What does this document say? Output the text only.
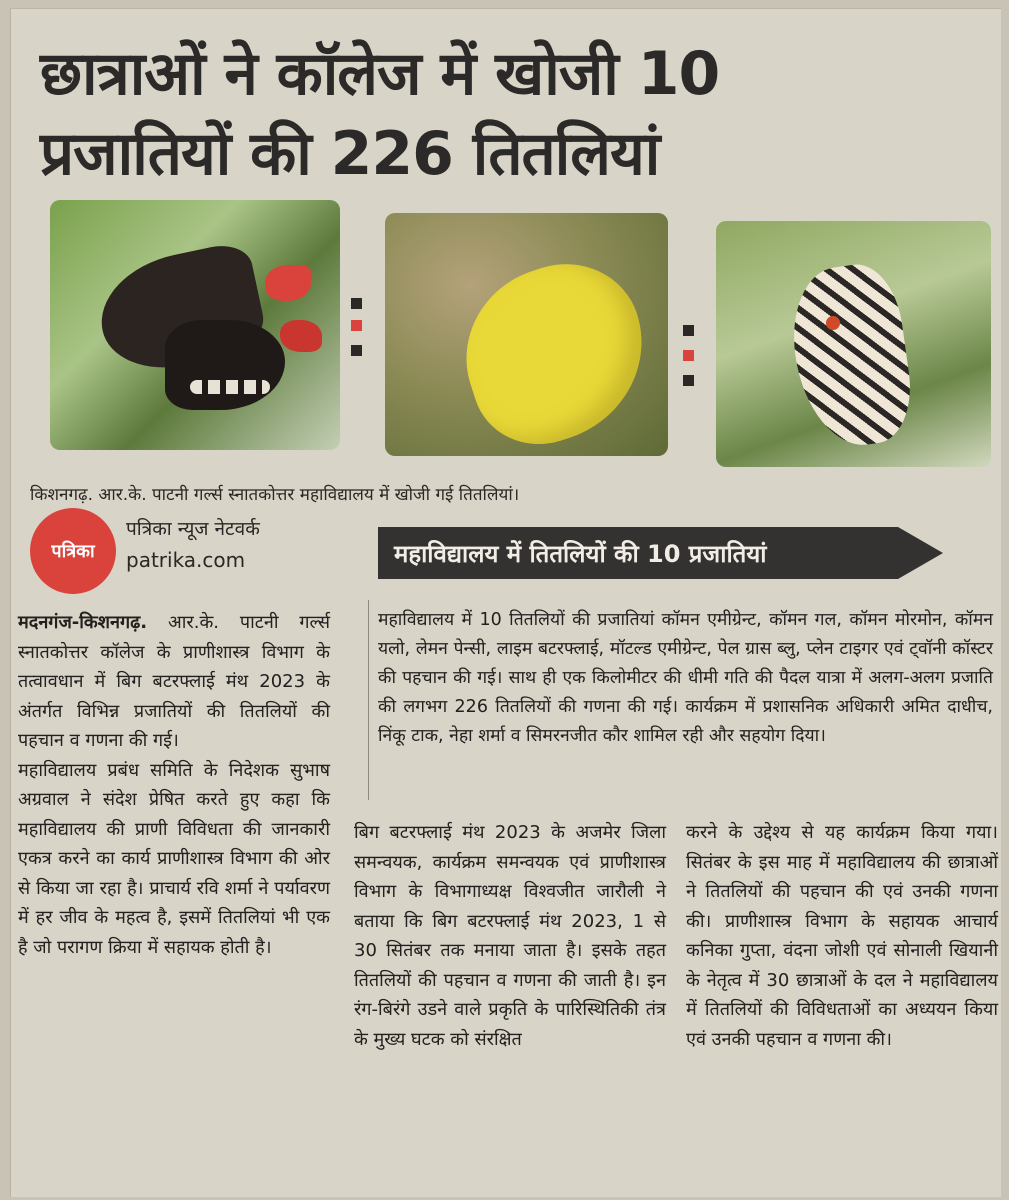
छात्राओं ने कॉलेज में खोजी 10
प्रजातियों की 226 तितलियां
किशनगढ़. आर.के. पाटनी गर्ल्स स्नातकोत्तर महाविद्यालय में खोजी गई तितलियां।
पत्रिका
पत्रिका न्यूज नेटवर्क
patrika.com	महाविद्यालय में तितलियों की 10 प्रजातियां

महाविद्यालय में 10 तितलियों की प्रजातियां कॉमन एमीग्रेन्ट, कॉमन गल, कॉमन मोरमोन, कॉमन यलो, लेमन पेन्सी, लाइम बटरफ्लाई, मॉटल्ड एमीग्रेन्ट, पेल ग्रास ब्लु, प्लेन टाइगर एवं ट्वॉनी कॉस्टर की पहचान की गई। साथ ही एक किलोमीटर की धीमी गति की पैदल यात्रा में अलग-अलग प्रजाति की लगभग 226 तितलियों की गणना की गई। कार्यक्रम में प्रशासनिक अधिकारी अमित दाधीच, निंकू टाक, नेहा शर्मा व सिमरनजीत कौर शामिल रही और सहयोग दिया।

मदनगंज-किशनगढ़. आर.के. पाटनी गर्ल्स स्नातकोत्तर कॉलेज के प्राणीशास्त्र विभाग के तत्वावधान में बिग बटरफ्लाई मंथ 2023 के अंतर्गत विभिन्न प्रजातियों की तितलियों की पहचान व गणना की गई।

महाविद्यालय प्रबंध समिति के निदेशक सुभाष अग्रवाल ने संदेश प्रेषित करते हुए कहा कि महाविद्यालय की प्राणी विविधता की जानकारी एकत्र करने का कार्य प्राणीशास्त्र विभाग की ओर से किया जा रहा है। प्राचार्य रवि शर्मा ने पर्यावरण में हर जीव के महत्व है, इसमें तितलियां भी एक है जो परागण क्रिया में सहायक होती है।

बिग बटरफ्लाई मंथ 2023 के अजमेर जिला समन्वयक, कार्यक्रम समन्वयक एवं प्राणीशास्त्र विभाग के विभागाध्यक्ष विश्वजीत जारौली ने बताया कि बिग बटरफ्लाई मंथ 2023, 1 से 30 सितंबर तक मनाया जाता है। इसके तहत तितलियों की पहचान व गणना की जाती है। इन रंग-बिरंगे उडने वाले प्रकृति के पारिस्थितिकी तंत्र के मुख्य घटक को संरक्षित

करने के उद्देश्य से यह कार्यक्रम किया गया। सितंबर के इस माह में महाविद्यालय की छात्राओं ने तितलियों की पहचान की एवं उनकी गणना की। प्राणीशास्त्र विभाग के सहायक आचार्य कनिका गुप्ता, वंदना जोशी एवं सोनाली खियानी के नेतृत्व में 30 छात्राओं के दल ने महाविद्यालय में तितलियों की विविधताओं का अध्ययन किया एवं उनकी पहचान व गणना की।
